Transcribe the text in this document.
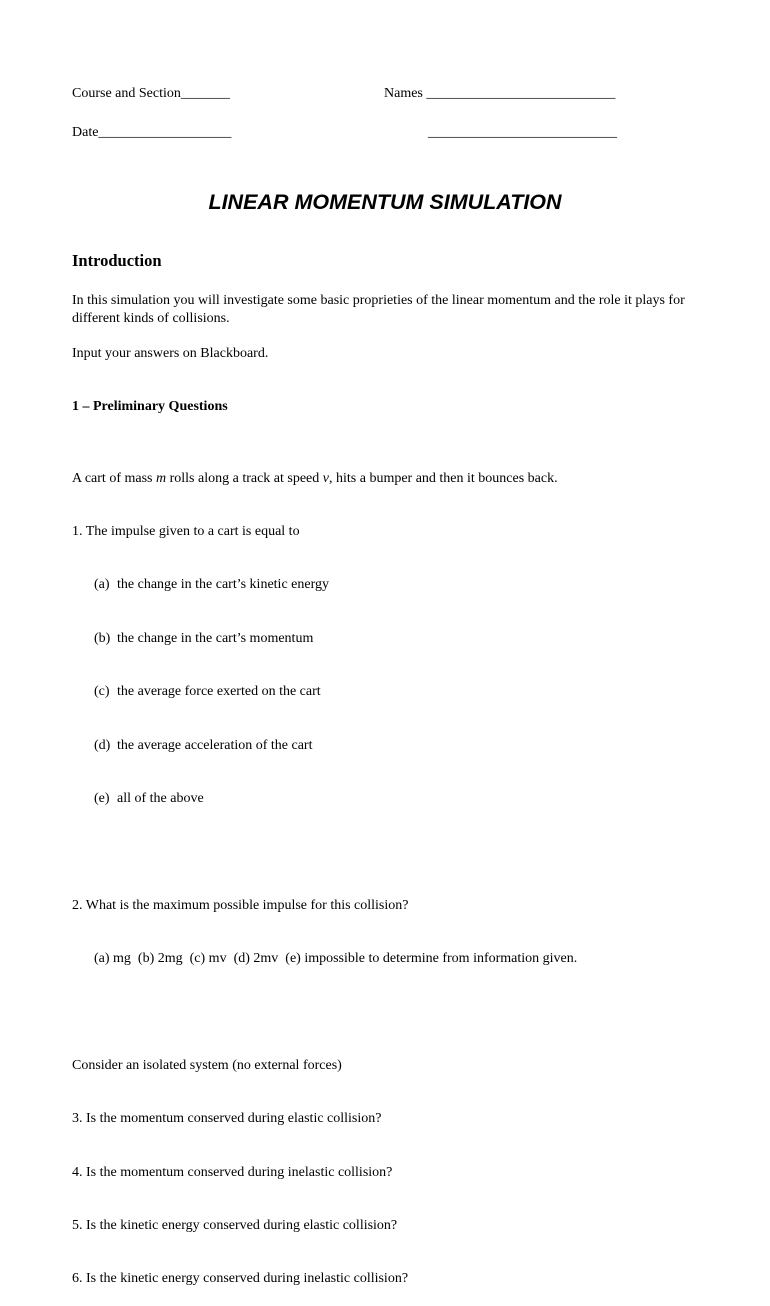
Course and Section_______	Names ___________________________
Date___________________	___________________________
LINEAR MOMENTUM SIMULATION
Introduction
In this simulation you will investigate some basic proprieties of the linear momentum and the role it plays for different kinds of collisions.
Input your answers on Blackboard.
1 – Preliminary Questions

A cart of mass m rolls along a track at speed v, hits a bumper and then it bounces back.

1. The impulse given to a cart is equal to

(a) the change in the cart’s kinetic energy

(b) the change in the cart’s momentum

(c) the average force exerted on the cart

(d) the average acceleration of the cart

(e) all of the above

2. What is the maximum possible impulse for this collision?

(a) mg  (b) 2mg  (c) mv  (d) 2mv  (e) impossible to determine from information given.

Consider an isolated system (no external forces)

3. Is the momentum conserved during elastic collision?

4. Is the momentum conserved during inelastic collision?

5. Is the kinetic energy conserved during elastic collision?

6. Is the kinetic energy conserved during inelastic collision?
